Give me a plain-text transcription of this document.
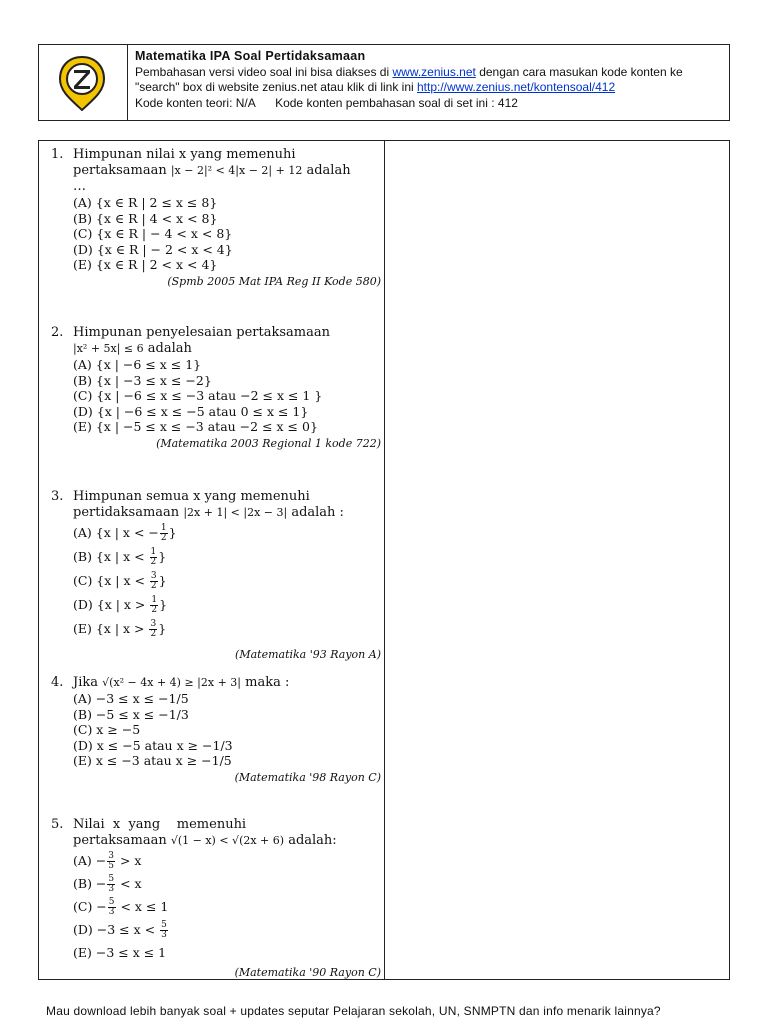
Matematika IPA Soal Pertidaksamaan
Pembahasan versi video soal ini bisa diakses di www.zenius.net dengan cara masukan kode konten ke
"search" box di website zenius.net atau klik di link ini http://www.zenius.net/kontensoal/412
Kode konten teori: N/A      Kode konten pembahasan soal di set ini : 412
1. Himpunan nilai x yang memenuhi
pertaksamaan |x − 2|² < 4|x − 2| + 12 adalah
…
(A) {x ∈ R | 2 ≤ x ≤ 8}
(B) {x ∈ R | 4 < x < 8}
(C) {x ∈ R | − 4 < x < 8}
(D) {x ∈ R | − 2 < x < 4}
(E) {x ∈ R | 2 < x < 4}
(Spmb 2005 Mat IPA Reg II Kode 580)
2. Himpunan penyelesaian pertaksamaan
|x² + 5x| ≤ 6 adalah
(A) {x | −6 ≤ x ≤ 1}
(B) {x | −3 ≤ x ≤ −2}
(C) {x | −6 ≤ x ≤ −3 atau −2 ≤ x ≤ 1 }
(D) {x | −6 ≤ x ≤ −5 atau 0 ≤ x ≤ 1}
(E) {x | −5 ≤ x ≤ −3 atau −2 ≤ x ≤ 0}
(Matematika 2003 Regional 1 kode 722)
3. Himpunan semua x yang memenuhi
pertidaksamaan |2x + 1| < |2x − 3| adalah :
(A) {x | x < − $\frac{1}{2}$ }
(B) {x | $x < \frac{1}{2}$ }
(C) {x | $x < \frac{3}{2}$ }
(D) {x | $x > \frac{1}{2}$ }
(E) {x | $x > \frac{3}{2}$ }
(Matematika '93 Rayon A)
4. Jika √(x² − 4x + 4) ≥ |2x + 3| maka :
(A) −3 ≤ x ≤ −1/5
(B) −5 ≤ x ≤ −1/3
(C) x ≥ −5
(D) x ≤ −5 atau x ≥ −1/3
(E) x ≤ −3 atau x ≥ −1/5
(Matematika '98 Rayon C)
5. Nilai  x  yang    memenuhi
pertaksamaan √(1 − x) < √(2x + 6) adalah:
$(A) - \frac{3}{5} > x$
$(B) - \frac{5}{3} < x$
$(C) - \frac{5}{3} < x \le 1$
$(D) -3 \le x < \frac{5}{3}$
(E) −3 ≤ x ≤ 1
(Matematika '90 Rayon C)
Mau download lebih banyak soal + updates seputar Pelajaran sekolah, UN, SNMPTN dan info menarik lainnya?
